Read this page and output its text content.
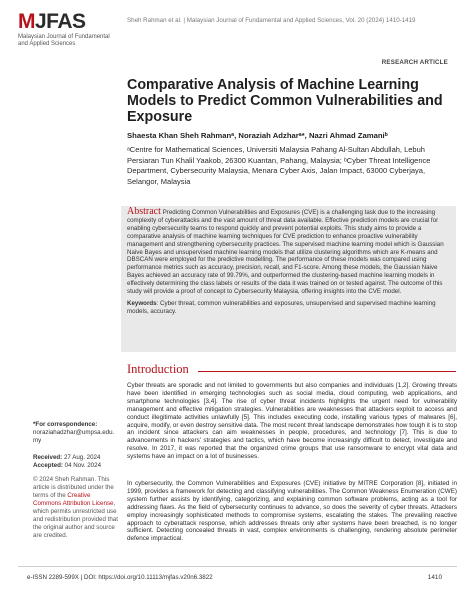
MJFAS
Malaysian Journal of Fundamental and Applied Sciences
Sheh Rahman et al. | Malaysian Journal of Fundamental and Applied Sciences, Vol. 20 (2024) 1410-1419
RESEARCH ARTICLE
Comparative Analysis of Machine Learning Models to Predict Common Vulnerabilities and Exposure
Shaesta Khan Sheh Rahmanᵃ, Noraziah Adzharᵃ*, Nazri Ahmad Zamaniᵇ
ᵃCentre for Mathematical Sciences, Universiti Malaysia Pahang Al-Sultan Abdullah, Lebuh Persiaran Tun Khalil Yaakob, 26300 Kuantan, Pahang, Malaysia; ᵇCyber Threat Intelligence Department, Cybersecurity Malaysia, Menara Cyber Axis, Jalan Impact, 63000 Cyberjaya, Selangor, Malaysia

Abstract Predicting Common Vulnerabilities and Exposures (CVE) is a challenging task due to the increasing complexity of cyberattacks and the vast amount of threat data available. Effective prediction models are crucial for enabling cybersecurity teams to respond quickly and prevent potential exploits. This study aims to provide a comparative analysis of machine learning techniques for CVE prediction to enhance proactive vulnerability management and strengthening cybersecurity practices. The supervised machine learning model which is Gaussian Naive Bayes and unsupervised machine learning models that utilize clustering algorithms which are K-means and DBSCAN were employed for the predictive modelling. The performance of these models was compared using performance metrics such as accuracy, precision, recall, and F1-score. Among these models, the Gaussian Naive Bayes achieved an accuracy rate of 99.79%, and outperformed the clustering-based machine learning models in effectively determining the class labels or results of the data it was trained on or tested against. The outcome of this study will provide a proof of concept to Cybersecurity Malaysia, offering insights into the CVE model.

Keywords: Cyber threat, common vulnerabilities and exposures, unsupervised and supervised machine learning models, accuracy.

Introduction

Cyber threats are sporadic and not limited to governments but also companies and individuals [1,2]. Growing threats have been identified in emerging technologies such as social media, cloud computing, web applications, and smartphone technologies [3,4]. The rise of cyber threat incidents highlights the urgent need for vulnerability management and effective mitigation strategies. Vulnerabilities are weaknesses that attackers exploit to access and conduct illegitimate activities unlawfully [5]. This includes executing code, installing various types of malwares [6], acquire, modify, or even destroy sensitive data. The most recent threat landscape demonstrates how tough it is to stop an incident since attackers can aim weaknesses in people, procedures, and technology [7]. This is due to advancements in hackers' strategies and tactics, which have become increasingly difficult to detect, investigate and resolve. In 2017, it was reported that the organized crime groups that use ransomware to encrypt vital data and systems have an impact on a lot of businesses.

In cybersecurity, the Common Vulnerabilities and Exposures (CVE) initiative by MITRE Corporation [8], initiated in 1999, provides a framework for detecting and classifying vulnerabilities. The Common Weakness Enumeration (CWE) system further assists by identifying, categorizing, and explaining common software problems, acting as a tool for addressing flaws. As the field of cybersecurity continues to advance, so does the severity of cyber threats. Attackers employ increasingly sophisticated methods to compromise systems, escalating the stakes. The prevailing reactive approach to cyberattack response, which addresses threats only after systems have been breached, is no longer sufficient. Detecting concealed threats in vast, complex environments is challenging, rendering absolute perimeter defence impractical.

*For correspondence:
noraziahadzhar@umpsa.edu.my
Received: 27 Aug. 2024
Accepted: 04 Nov. 2024
© 2024 Sheh Rahman. This article is distributed under the terms of the Creative Commons Attribution License, which permits unrestricted use and redistribution provided that the original author and source are credited.
e-ISSN 2289-599X | DOI: https://doi.org/10.11113/mjfas.v20n6.3822	1410
